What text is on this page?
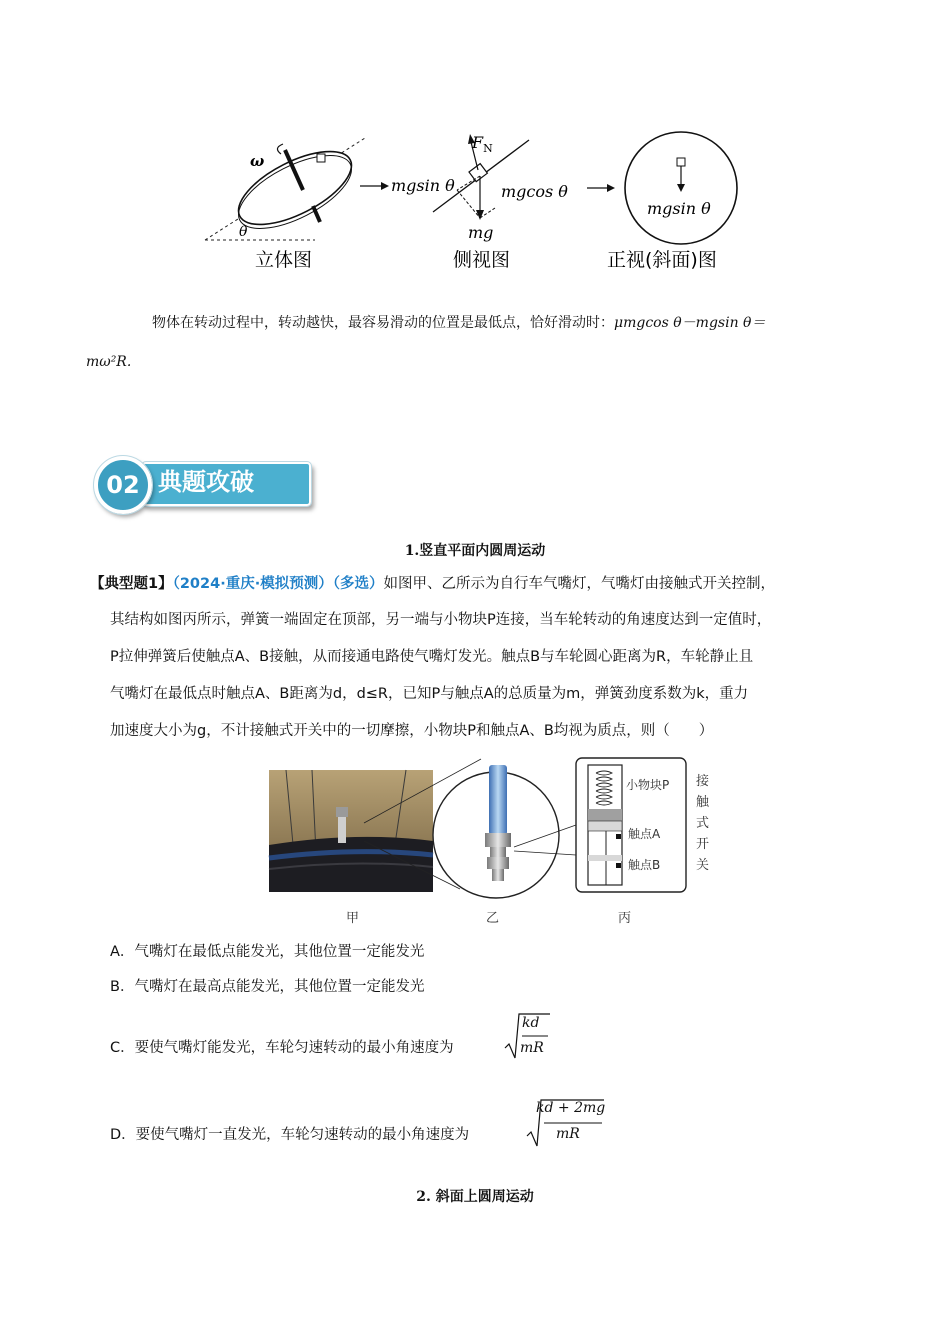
ω
θ
mgsin θ
$F_N$
mgcos θ
mg
mgsin θ
立体图	侧视图	正视(斜面)图
物体在转动过程中，转动越快，最容易滑动的位置是最低点，恰好滑动时：μmgcos θ－mgsin θ＝
mω²R.
典题攻破
02
1.竖直平面内圆周运动
【典型题1】（2024·重庆·模拟预测）（多选）如图甲、乙所示为自行车气嘴灯，气嘴灯由接触式开关控制，
其结构如图丙所示，弹簧一端固定在顶部，另一端与小物块P连接，当车轮转动的角速度达到一定值时，
P拉伸弹簧后使触点A、B接触，从而接通电路使气嘴灯发光。触点B与车轮圆心距离为R，车轮静止且
气嘴灯在最低点时触点A、B距离为d，d≤R，已知P与触点A的总质量为m，弹簧劲度系数为k，重力
加速度大小为g，不计接触式开关中的一切摩擦，小物块P和触点A、B均视为质点，则（　　）
小物块P
触点A
触点B
接
触
式
开
关
甲	乙	丙
A．气嘴灯在最低点能发光，其他位置一定能发光
B．气嘴灯在最高点能发光，其他位置一定能发光
C．要使气嘴灯能发光，车轮匀速转动的最小角速度为
kd
mR
D．要使气嘴灯一直发光，车轮匀速转动的最小角速度为
kd + 2mg
mR
2. 斜面上圆周运动
